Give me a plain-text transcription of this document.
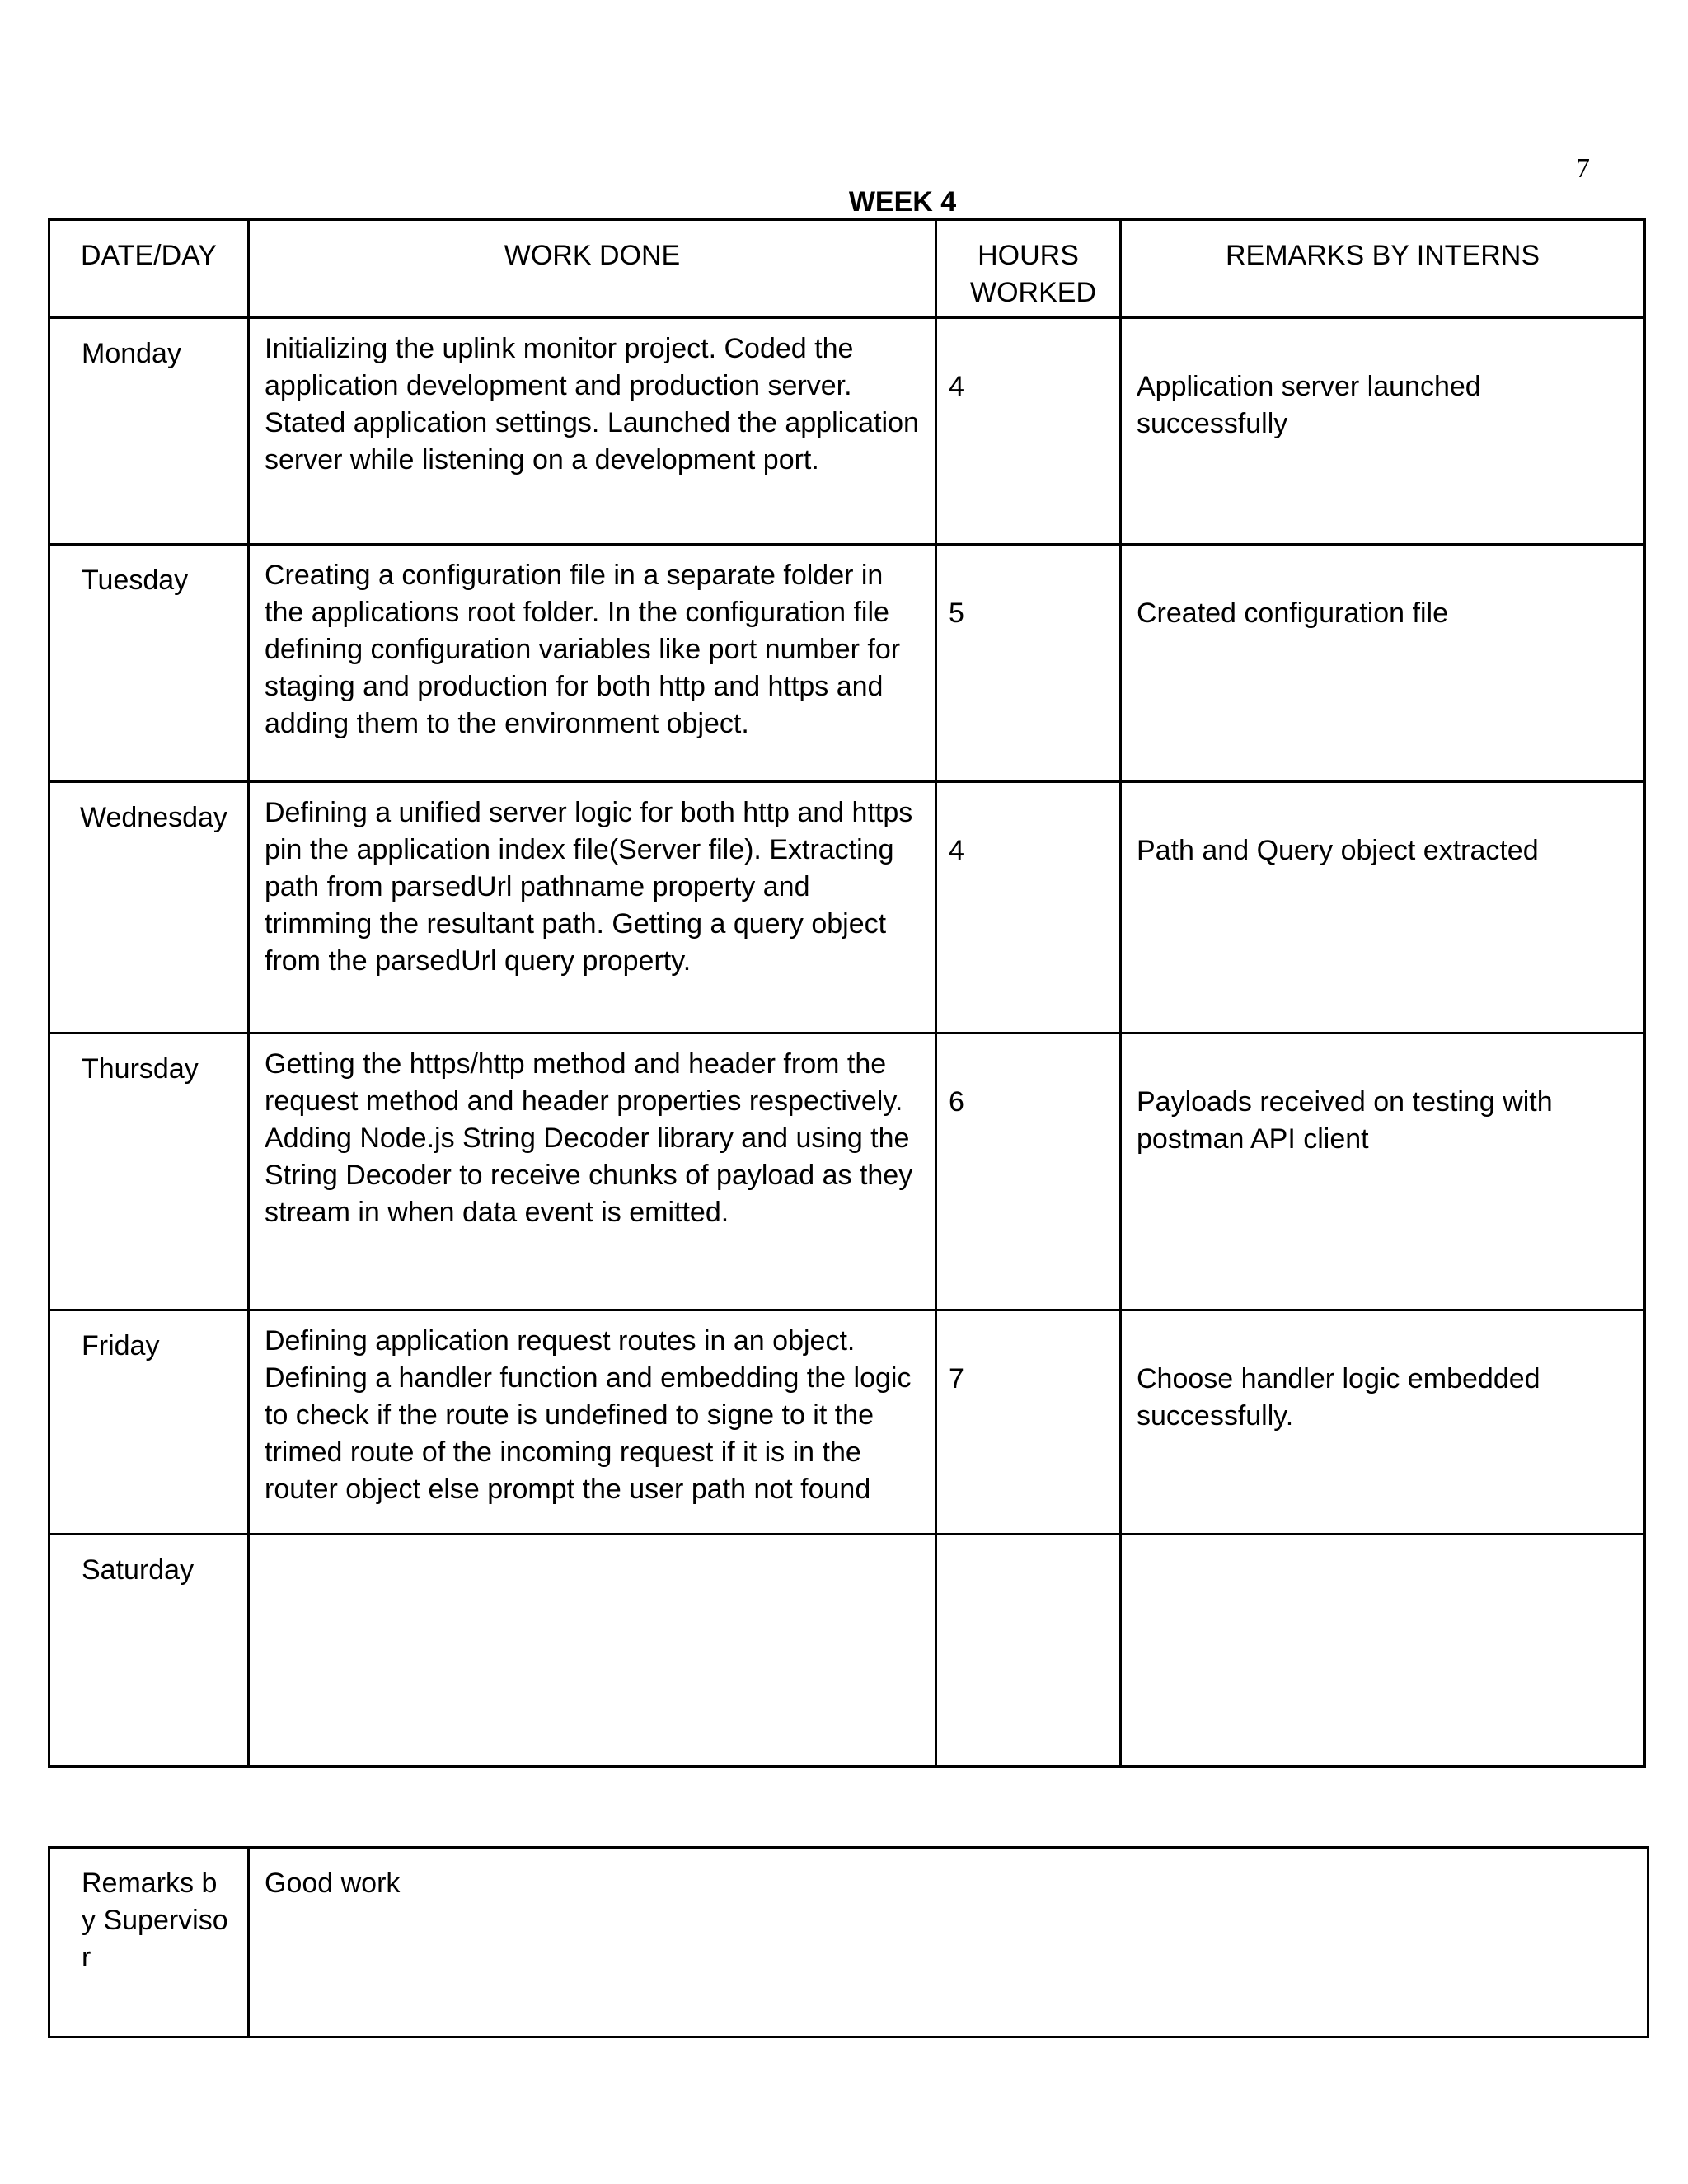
7
WEEK 4
DATE/DAY	WORK DONE	HOURS WORKED	REMARKS BY INTERNS
Monday	Initializing the uplink monitor project. Coded the application development and production server. Stated application settings. Launched the application server while listening on a development port.	4	Application server launched successfully
Tuesday	Creating a configuration file in a separate folder in the applications root folder. In the configuration file defining configuration variables like port number for staging and production for both http and https and adding them to the environment object.	5	Created configuration file
Wednesday	Defining a unified server logic for both http and https pin the application index file(Server file). Extracting path from parsedUrl pathname property and trimming the resultant path. Getting a query object from the parsedUrl query property.	4	Path and Query object extracted
Thursday	Getting the https/http method and header from the request method and header properties respectively. Adding Node.js String Decoder library and using the String Decoder to receive chunks of payload as they stream in when data event is emitted.	6	Payloads received on testing with postman API client
Friday	Defining application request routes in an object. Defining a handler function and embedding the logic to check if the route is undefined to signe to it the trimed route of the incoming request if it is in the router object else prompt the user path not found	7	Choose handler logic embedded successfully.
Saturday			
Remarks by Supervisor	Good work
